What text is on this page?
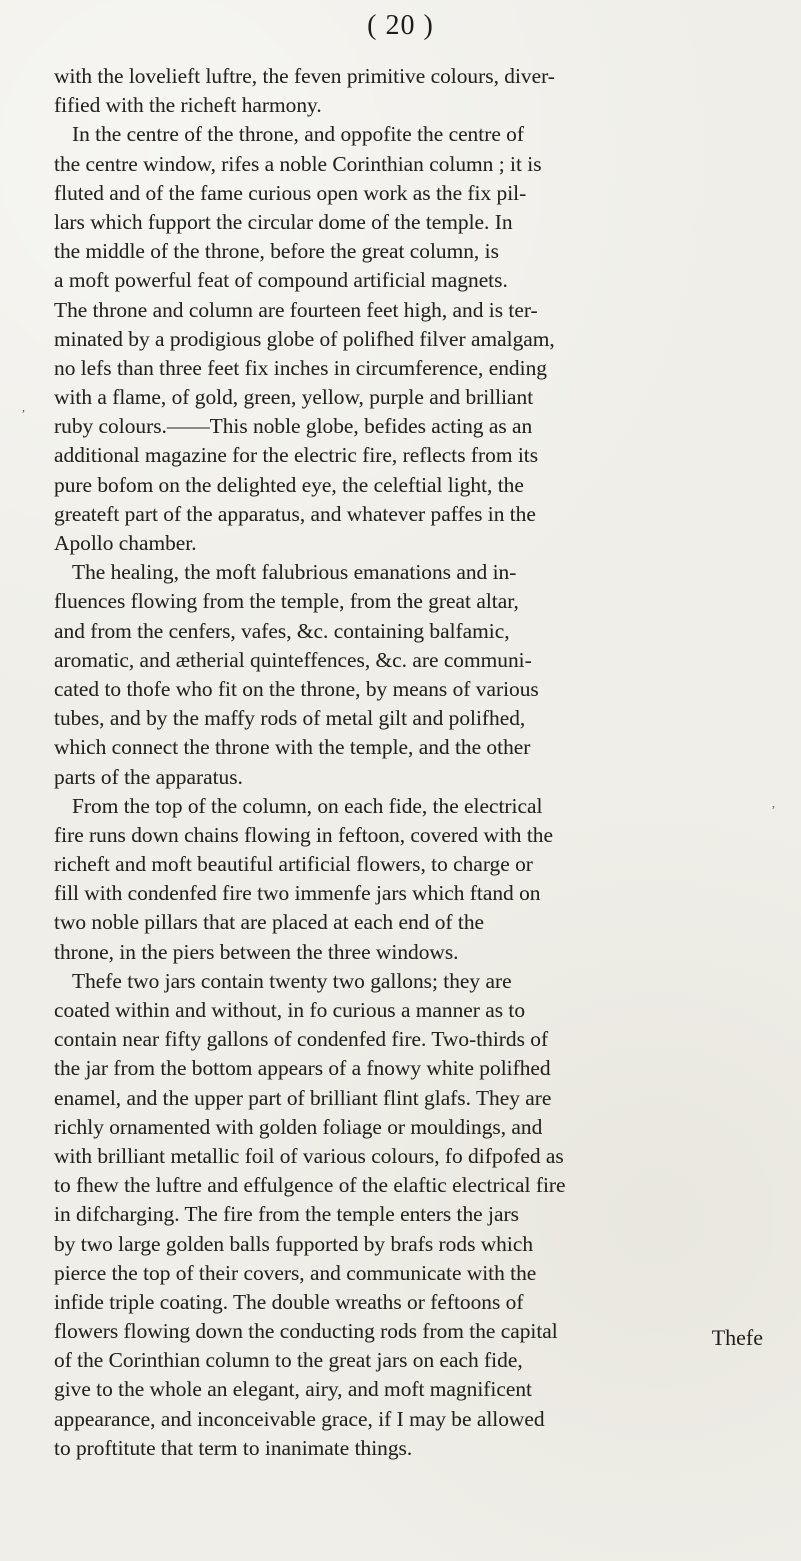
( 20 )
with the lovelieft luftre, the feven primitive colours, diver-
fified with the richeft harmony.
In the centre of the throne, and oppofite the centre of
the centre window, rifes a noble Corinthian column ; it is
fluted and of the fame curious open work as the fix pil-
lars which fupport the circular dome of the temple. In
the middle of the throne, before the great column, is
a moft powerful feat of compound artificial magnets.
The throne and column are fourteen feet high, and is ter-
minated by a prodigious globe of polifhed filver amalgam,
no lefs than three feet fix inches in circumference, ending
with a flame, of gold, green, yellow, purple and brilliant
ruby colours.——This noble globe, befides acting as an
additional magazine for the electric fire, reflects from its
pure bofom on the delighted eye, the celeftial light, the
greateft part of the apparatus, and whatever paffes in the
Apollo chamber.
The healing, the moft falubrious emanations and in-
fluences flowing from the temple, from the great altar,
and from the cenfers, vafes, &c. containing balfamic,
aromatic, and ætherial quinteffences, &c. are communi-
cated to thofe who fit on the throne, by means of various
tubes, and by the maffy rods of metal gilt and polifhed,
which connect the throne with the temple, and the other
parts of the apparatus.
From the top of the column, on each fide, the electrical
fire runs down chains flowing in feftoon, covered with the
richeft and moft beautiful artificial flowers, to charge or
fill with condenfed fire two immenfe jars which ftand on
two noble pillars that are placed at each end of the
throne, in the piers between the three windows.
Thefe two jars contain twenty two gallons; they are
coated within and without, in fo curious a manner as to
contain near fifty gallons of condenfed fire. Two-thirds of
the jar from the bottom appears of a fnowy white polifhed
enamel, and the upper part of brilliant flint glafs. They are
richly ornamented with golden foliage or mouldings, and
with brilliant metallic foil of various colours, fo difpofed as
to fhew the luftre and effulgence of the elaftic electrical fire
in difcharging. The fire from the temple enters the jars
by two large golden balls fupported by brafs rods which
pierce the top of their covers, and communicate with the
infide triple coating. The double wreaths or feftoons of
flowers flowing down the conducting rods from the capital
of the Corinthian column to the great jars on each fide,
give to the whole an elegant, airy, and moft magnificent
appearance, and inconceivable grace, if I may be allowed
to proftitute that term to inanimate things.
Thefe
,
,
